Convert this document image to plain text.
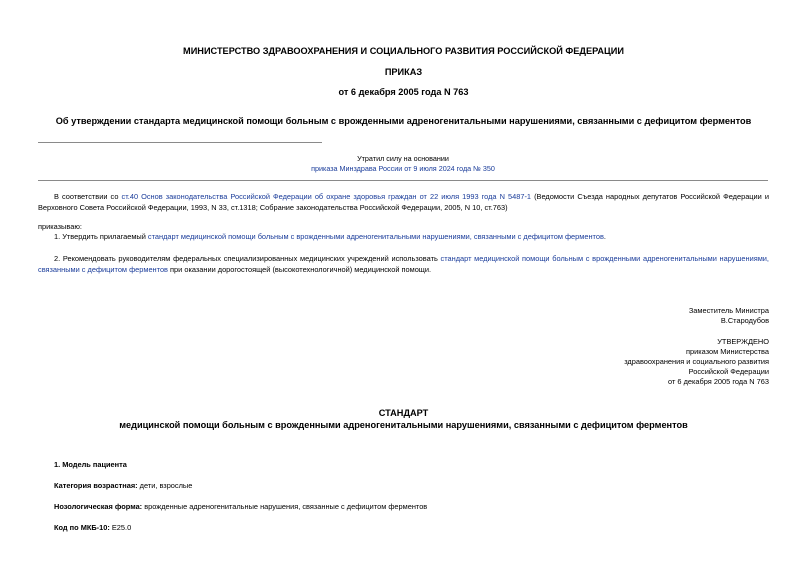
МИНИСТЕРСТВО ЗДРАВООХРАНЕНИЯ И СОЦИАЛЬНОГО РАЗВИТИЯ РОССИЙСКОЙ ФЕДЕРАЦИИ
ПРИКАЗ
от 6 декабря 2005 года N 763
Об утверждении стандарта медицинской помощи больным с врожденными адреногенитальными нарушениями, связанными с дефицитом ферментов
Утратил силу на основании
приказа Минздрава России от 9 июля 2024 года № 350
В соответствии со ст.40 Основ законодательства Российской Федерации об охране здоровья граждан от 22 июля 1993 года N 5487-1 (Ведомости Съезда народных депутатов Российской Федерации и Верховного Совета Российской Федерации, 1993, N 33, ст.1318; Собрание законодательства Российской Федерации, 2005, N 10, ст.763)
приказываю:
1. Утвердить прилагаемый стандарт медицинской помощи больным с врожденными адреногенитальными нарушениями, связанными с дефицитом ферментов.
2. Рекомендовать руководителям федеральных специализированных медицинских учреждений использовать стандарт медицинской помощи больным с врожденными адреногенитальными нарушениями, связанными с дефицитом ферментов при оказании дорогостоящей (высокотехнологичной) медицинской помощи.
Заместитель Министра
В.Стародубов
УТВЕРЖДЕНО
приказом Министерства
здравоохранения и социального развития
Российской Федерации
от 6 декабря 2005 года N 763
СТАНДАРТ
медицинской помощи больным с врожденными адреногенитальными нарушениями, связанными с дефицитом ферментов
1. Модель пациента
Категория возрастная: дети, взрослые
Нозологическая форма: врожденные адреногенитальные нарушения, связанные с дефицитом ферментов
Код по МКБ-10: E25.0
